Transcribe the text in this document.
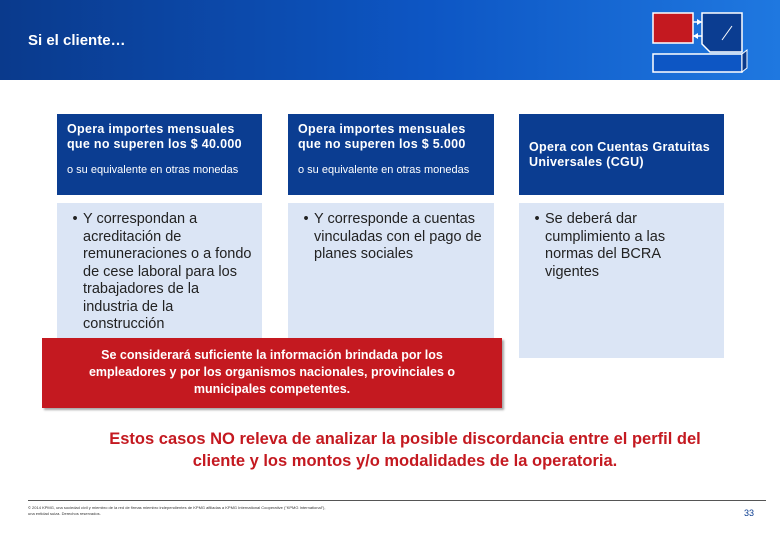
Si el cliente…
Opera importes mensuales que no superen los $ 40.000
o su equivalente en otras monedas
• Y correspondan a acreditación de remuneraciones o a fondo de cese laboral para los trabajadores de la industria de la construcción
Opera importes mensuales que no superen los $ 5.000
o su equivalente en otras monedas
• Y corresponde a cuentas vinculadas con el pago de planes sociales
Opera con Cuentas Gratuitas Universales (CGU)
• Se deberá dar cumplimiento a las normas del BCRA vigentes
Se considerará suficiente la información brindada por los empleadores y por los organismos nacionales, provinciales o municipales competentes.
Estos casos NO releva de analizar la posible discordancia entre el perfil del cliente y los montos y/o modalidades de la operatoria.
© 2014 KPMG, una sociedad civil y miembro de la red de firmas miembro independientes de KPMG afiliadas a KPMG International Cooperative ("KPMG International"), una entidad suiza. Derechos reservados.	33
